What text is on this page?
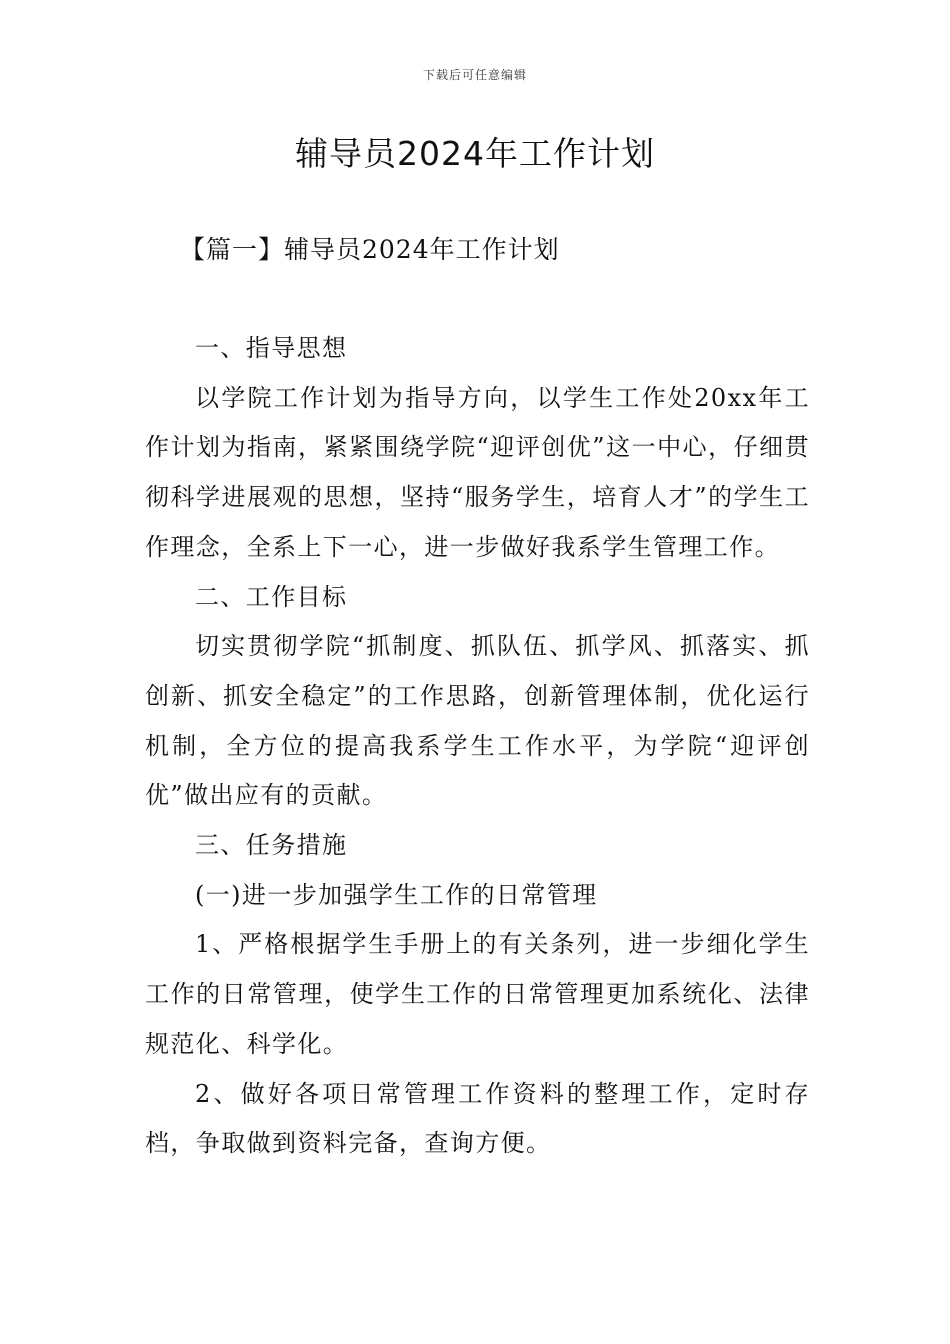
下载后可任意编辑
辅导员2024年工作计划
【篇一】辅导员2024年工作计划

一、指导思想

以学院工作计划为指导方向，以学生工作处20xx年工作计划为指南，紧紧围绕学院“迎评创优”这一中心，仔细贯彻科学进展观的思想，坚持“服务学生，培育人才”的学生工作理念，全系上下一心，进一步做好我系学生管理工作。

二、工作目标

切实贯彻学院“抓制度、抓队伍、抓学风、抓落实、抓创新、抓安全稳定”的工作思路，创新管理体制，优化运行机制，全方位的提高我系学生工作水平，为学院“迎评创优”做出应有的贡献。

三、任务措施

(一)进一步加强学生工作的日常管理

1、严格根据学生手册上的有关条列，进一步细化学生工作的日常管理，使学生工作的日常管理更加系统化、法律规范化、科学化。

2、做好各项日常管理工作资料的整理工作，定时存档，争取做到资料完备，查询方便。
